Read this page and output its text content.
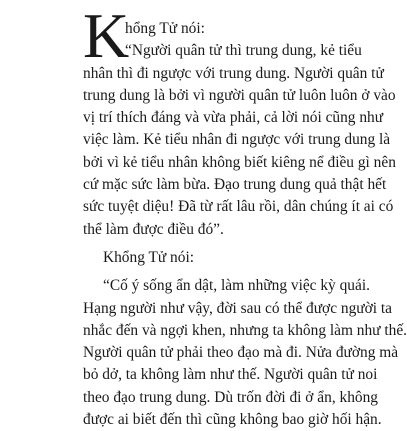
K
hổng Tử nói:
“Người quân tử thì trung dung, kẻ tiểu
nhân thì đi ngược với trung dung. Người quân tử
trung dung là bởi vì người quân tử luôn luôn ở vào
vị trí thích đáng và vừa phải, cả lời nói cũng như
việc làm. Kẻ tiểu nhân đi ngược với trung dung là
bởi vì kẻ tiểu nhân không biết kiêng nể điều gì nên
cứ mặc sức làm bừa. Đạo trung dung quả thật hết
sức tuyệt diệu! Đã từ rất lâu rồi, dân chúng ít ai có
thể làm được điều đó”.
Khổng Tử nói:
“Cố ý sống ẩn dật, làm những việc kỳ quái.
Hạng người như vậy, đời sau có thể được người ta
nhắc đến và ngợi khen, nhưng ta không làm như thế.
Người quân tử phải theo đạo mà đi. Nửa đường mà
bỏ dở, ta không làm như thế. Người quân tử noi
theo đạo trung dung. Dù trốn đời đi ở ẩn, không
được ai biết đến thì cũng không bao giờ hối hận.
